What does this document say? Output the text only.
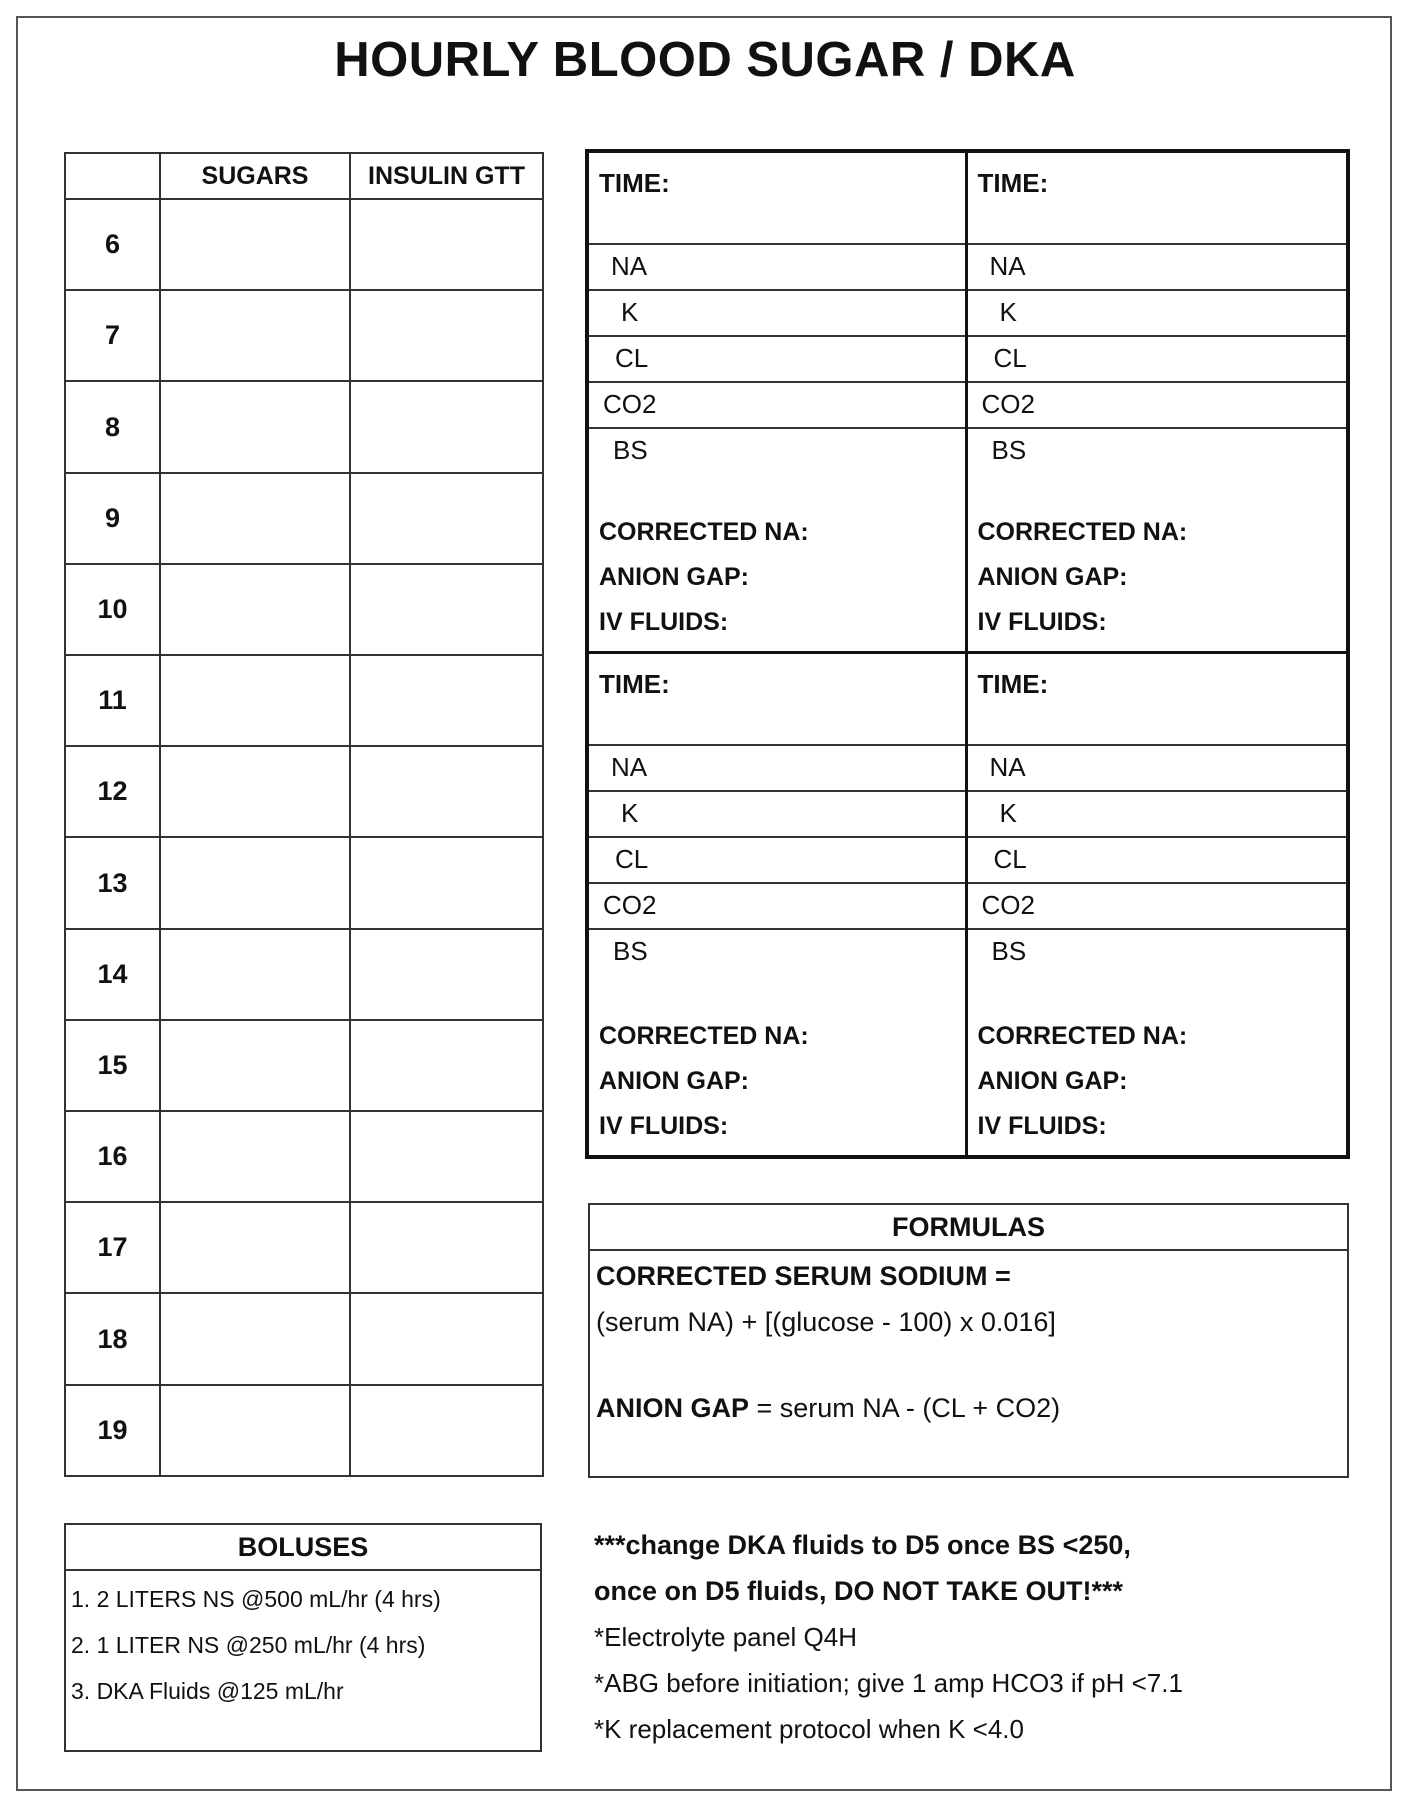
HOURLY BLOOD SUGAR / DKA
	SUGARS	INSULIN GTT
6		
7		
8		
9		
10		
11		
12		
13		
14		
15		
16		
17		
18		
19		
TIME:
NA
K
CL
CO2
BS
CORRECTED NA:
ANION GAP:
IV FLUIDS:
TIME:
NA
K
CL
CO2
BS
CORRECTED NA:
ANION GAP:
IV FLUIDS:
TIME:
NA
K
CL
CO2
BS
CORRECTED NA:
ANION GAP:
IV FLUIDS:
TIME:
NA
K
CL
CO2
BS
CORRECTED NA:
ANION GAP:
IV FLUIDS:
FORMULAS
CORRECTED SERUM SODIUM =
(serum NA) + [(glucose - 100) x 0.016]
ANION GAP = serum NA - (CL + CO2)
BOLUSES
1. 2 LITERS NS @500 mL/hr (4 hrs)
2. 1 LITER NS @250 mL/hr (4 hrs)
3. DKA Fluids @125 mL/hr
***change DKA fluids to D5 once BS <250,
once on D5 fluids, DO NOT TAKE OUT!***
*Electrolyte panel Q4H
*ABG before initiation; give 1 amp HCO3 if pH <7.1
*K replacement protocol when K <4.0
